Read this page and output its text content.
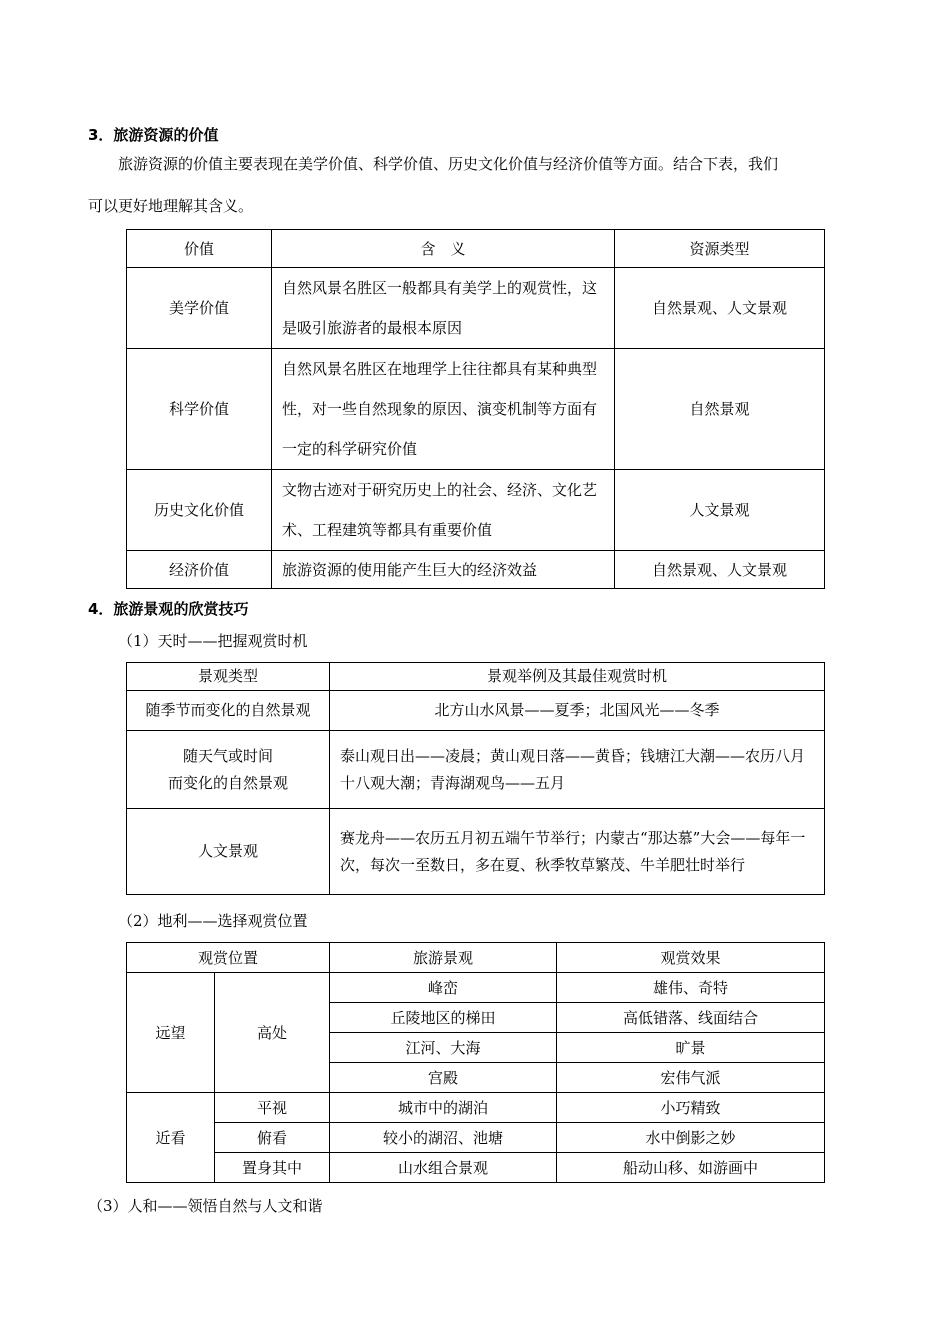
3．旅游资源的价值
旅游资源的价值主要表现在美学价值、科学价值、历史文化价值与经济价值等方面。结合下表，我们
可以更好地理解其含义。
价值	含　义	资源类型
美学价值	自然风景名胜区一般都具有美学上的观赏性，这是吸引旅游者的最根本原因	自然景观、人文景观
科学价值	自然风景名胜区在地理学上往往都具有某种典型性，对一些自然现象的原因、演变机制等方面有一定的科学研究价值	自然景观
历史文化价值	文物古迹对于研究历史上的社会、经济、文化艺术、工程建筑等都具有重要价值	人文景观
经济价值	旅游资源的使用能产生巨大的经济效益	自然景观、人文景观
4．旅游景观的欣赏技巧
（1）天时——把握观赏时机
景观类型	景观举例及其最佳观赏时机
随季节而变化的自然景观	北方山水风景——夏季；北国风光——冬季

随天气或时间
而变化的自然景观	泰山观日出——凌晨；黄山观日落——黄昏；钱塘江大潮——农历八月十八观大潮；青海湖观鸟——五月
人文景观	赛龙舟——农历五月初五端午节举行；内蒙古“那达慕”大会——每年一次，每次一至数日，多在夏、秋季牧草繁茂、牛羊肥壮时举行
（2）地利——选择观赏位置
观赏位置		旅游景观	观赏效果
远望	高处	峰峦	雄伟、奇特
		丘陵地区的梯田	高低错落、线面结合
		江河、大海	旷景
		宫殿	宏伟气派
近看	平视	城市中的湖泊	小巧精致
	俯看	较小的湖沼、池塘	水中倒影之妙
	置身其中	山水组合景观	船动山移、如游画中
（3）人和——领悟自然与人文和谐
